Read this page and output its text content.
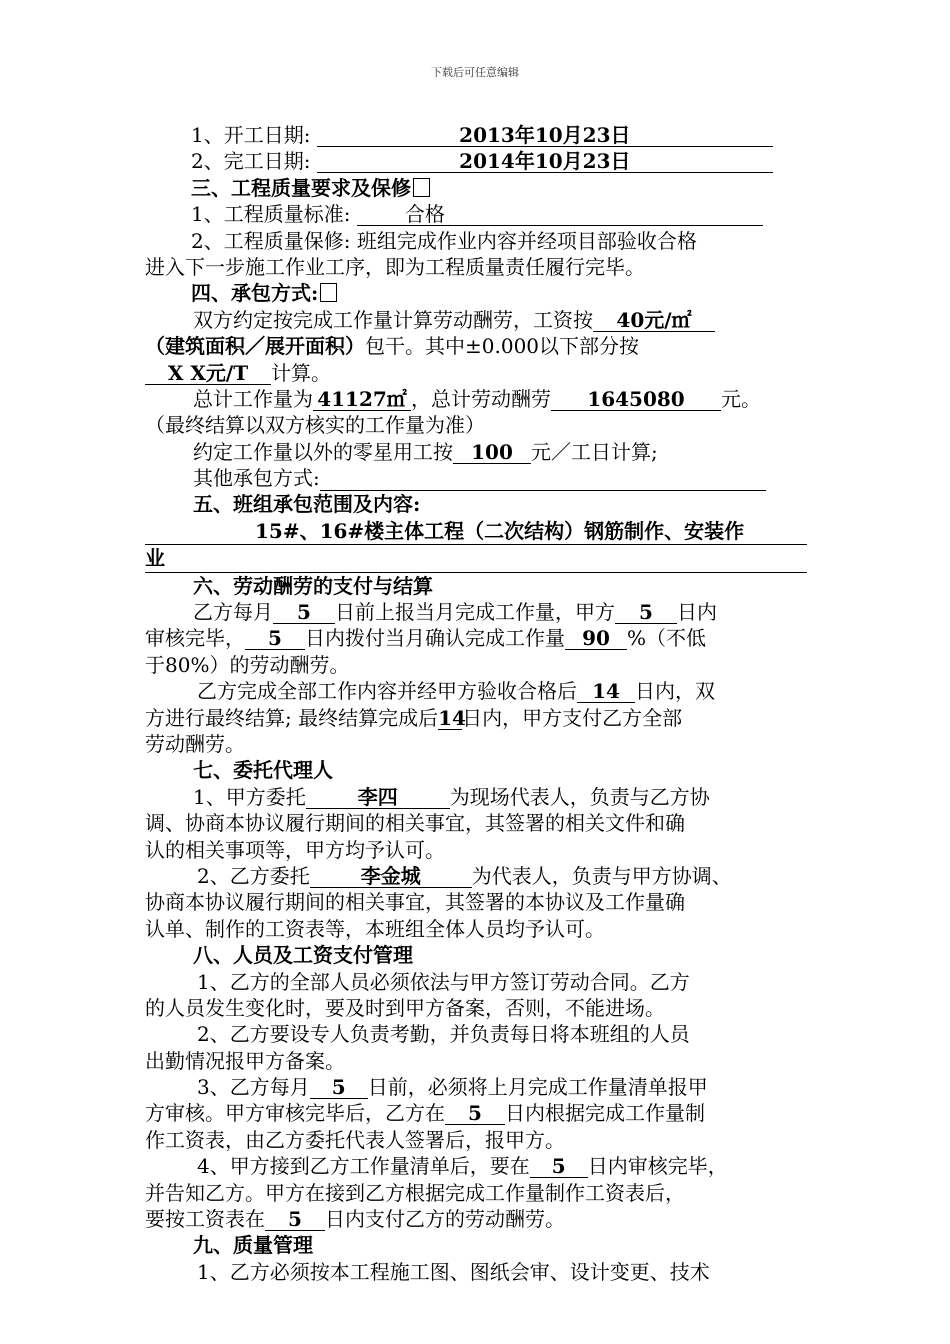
下载后可任意编辑
1、开工日期:	2013年10月23日
2、完工日期:	2014年10月23日
三、工程质量要求及保修
1、工程质量标准:	合格
2、工程质量保修: 班组完成作业内容并经项目部验收合格
进入下一步施工作业工序，即为工程质量责任履行完毕。
四、承包方式:
双方约定按完成工作量计算劳动酬劳，工资按 40元/㎡
（建筑面积／展开面积）包干。其中±0.000以下部分按
X X元/T 计算。
总计工作量为 41127㎡ ，总计劳动酬劳 1645080 元。
（最终结算以双方核实的工作量为准）
约定工作量以外的零星用工按 100 元／工日计算;
其他承包方式:
五、班组承包范围及内容:
15#、16#楼主体工程（二次结构）钢筋制作、安装作
业
六、劳动酬劳的支付与结算
乙方每月 5 日前上报当月完成工作量，甲方 5 日内
审核完毕， 5 日内拨付当月确认完成工作量 90 %（不低
于80%）的劳动酬劳。
乙方完成全部工作内容并经甲方验收合格后 14 日内，双
方进行最终结算; 最终结算完成后14日内，甲方支付乙方全部
劳动酬劳。
七、委托代理人
1、甲方委托	李四	为现场代表人，负责与乙方协
调、协商本协议履行期间的相关事宜，其签署的相关文件和确
认的相关事项等，甲方均予认可。
2、乙方委托	李金城	为代表人，负责与甲方协调、
协商本协议履行期间的相关事宜，其签署的本协议及工作量确
认单、制作的工资表等，本班组全体人员均予认可。
八、人员及工资支付管理
1、乙方的全部人员必须依法与甲方签订劳动合同。乙方
的人员发生变化时，要及时到甲方备案，否则，不能进场。
2、乙方要设专人负责考勤，并负责每日将本班组的人员
出勤情况报甲方备案。
3、乙方每月 5 日前，必须将上月完成工作量清单报甲
方审核。甲方审核完毕后，乙方在 5 日内根据完成工作量制
作工资表，由乙方委托代表人签署后，报甲方。
4、甲方接到乙方工作量清单后，要在 5 日内审核完毕，
并告知乙方。甲方在接到乙方根据完成工作量制作工资表后，
要按工资表在 5 日内支付乙方的劳动酬劳。
九、质量管理
1、乙方必须按本工程施工图、图纸会审、设计变更、技术
